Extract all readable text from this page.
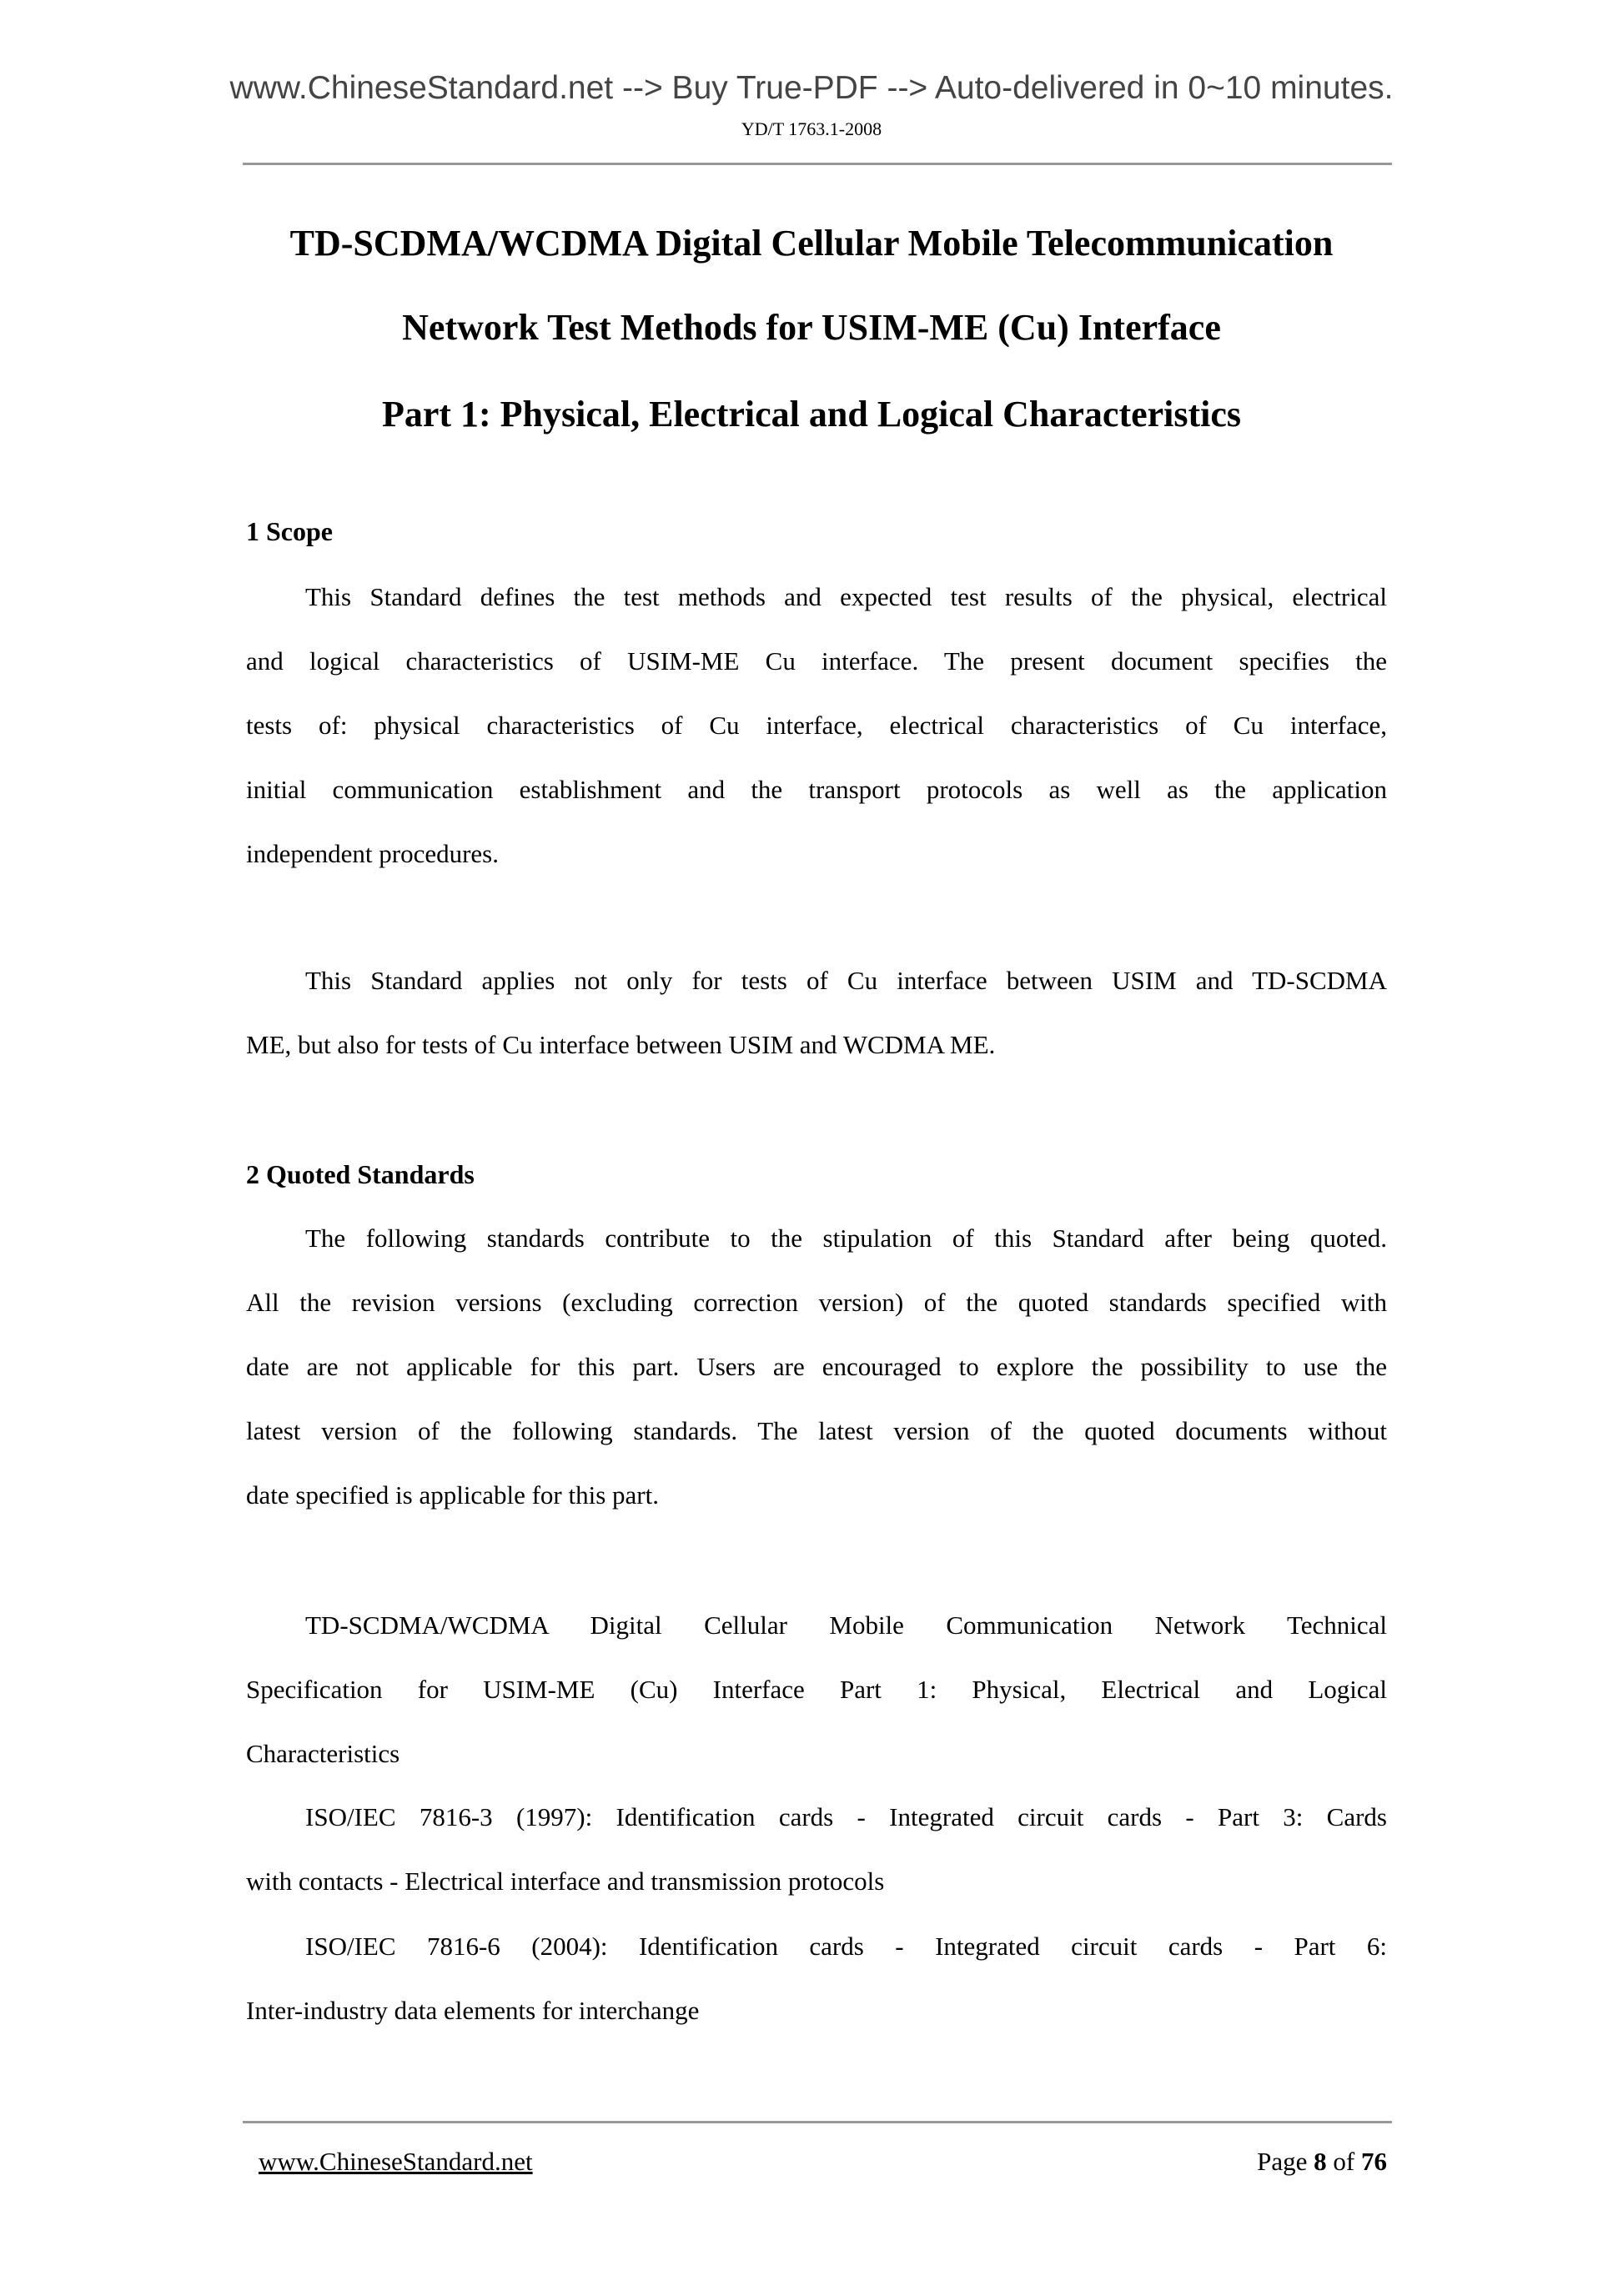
www.ChineseStandard.net --> Buy True-PDF --> Auto-delivered in 0~10 minutes.
YD/T 1763.1-2008
TD-SCDMA/WCDMA Digital Cellular Mobile Telecommunication
Network Test Methods for USIM-ME (Cu) Interface
Part 1: Physical, Electrical and Logical Characteristics
1 Scope
This Standard defines the test methods and expected test results of the physical, electrical
and logical characteristics of USIM-ME Cu interface. The present document specifies the
tests of: physical characteristics of Cu interface, electrical characteristics of Cu interface,
initial communication establishment and the transport protocols as well as the application
independent procedures.
This Standard applies not only for tests of Cu interface between USIM and TD-SCDMA
ME, but also for tests of Cu interface between USIM and WCDMA ME.
2 Quoted Standards
The following standards contribute to the stipulation of this Standard after being quoted.
All the revision versions (excluding correction version) of the quoted standards specified with
date are not applicable for this part. Users are encouraged to explore the possibility to use the
latest version of the following standards. The latest version of the quoted documents without
date specified is applicable for this part.
TD-SCDMA/WCDMA Digital Cellular Mobile Communication Network Technical
Specification for USIM-ME (Cu) Interface Part 1: Physical, Electrical and Logical
Characteristics
ISO/IEC 7816-3 (1997): Identification cards - Integrated circuit cards - Part 3: Cards
with contacts - Electrical interface and transmission protocols
ISO/IEC 7816-6 (2004): Identification cards - Integrated circuit cards - Part 6:
Inter-industry data elements for interchange
www.ChineseStandard.net	Page 8 of 76
